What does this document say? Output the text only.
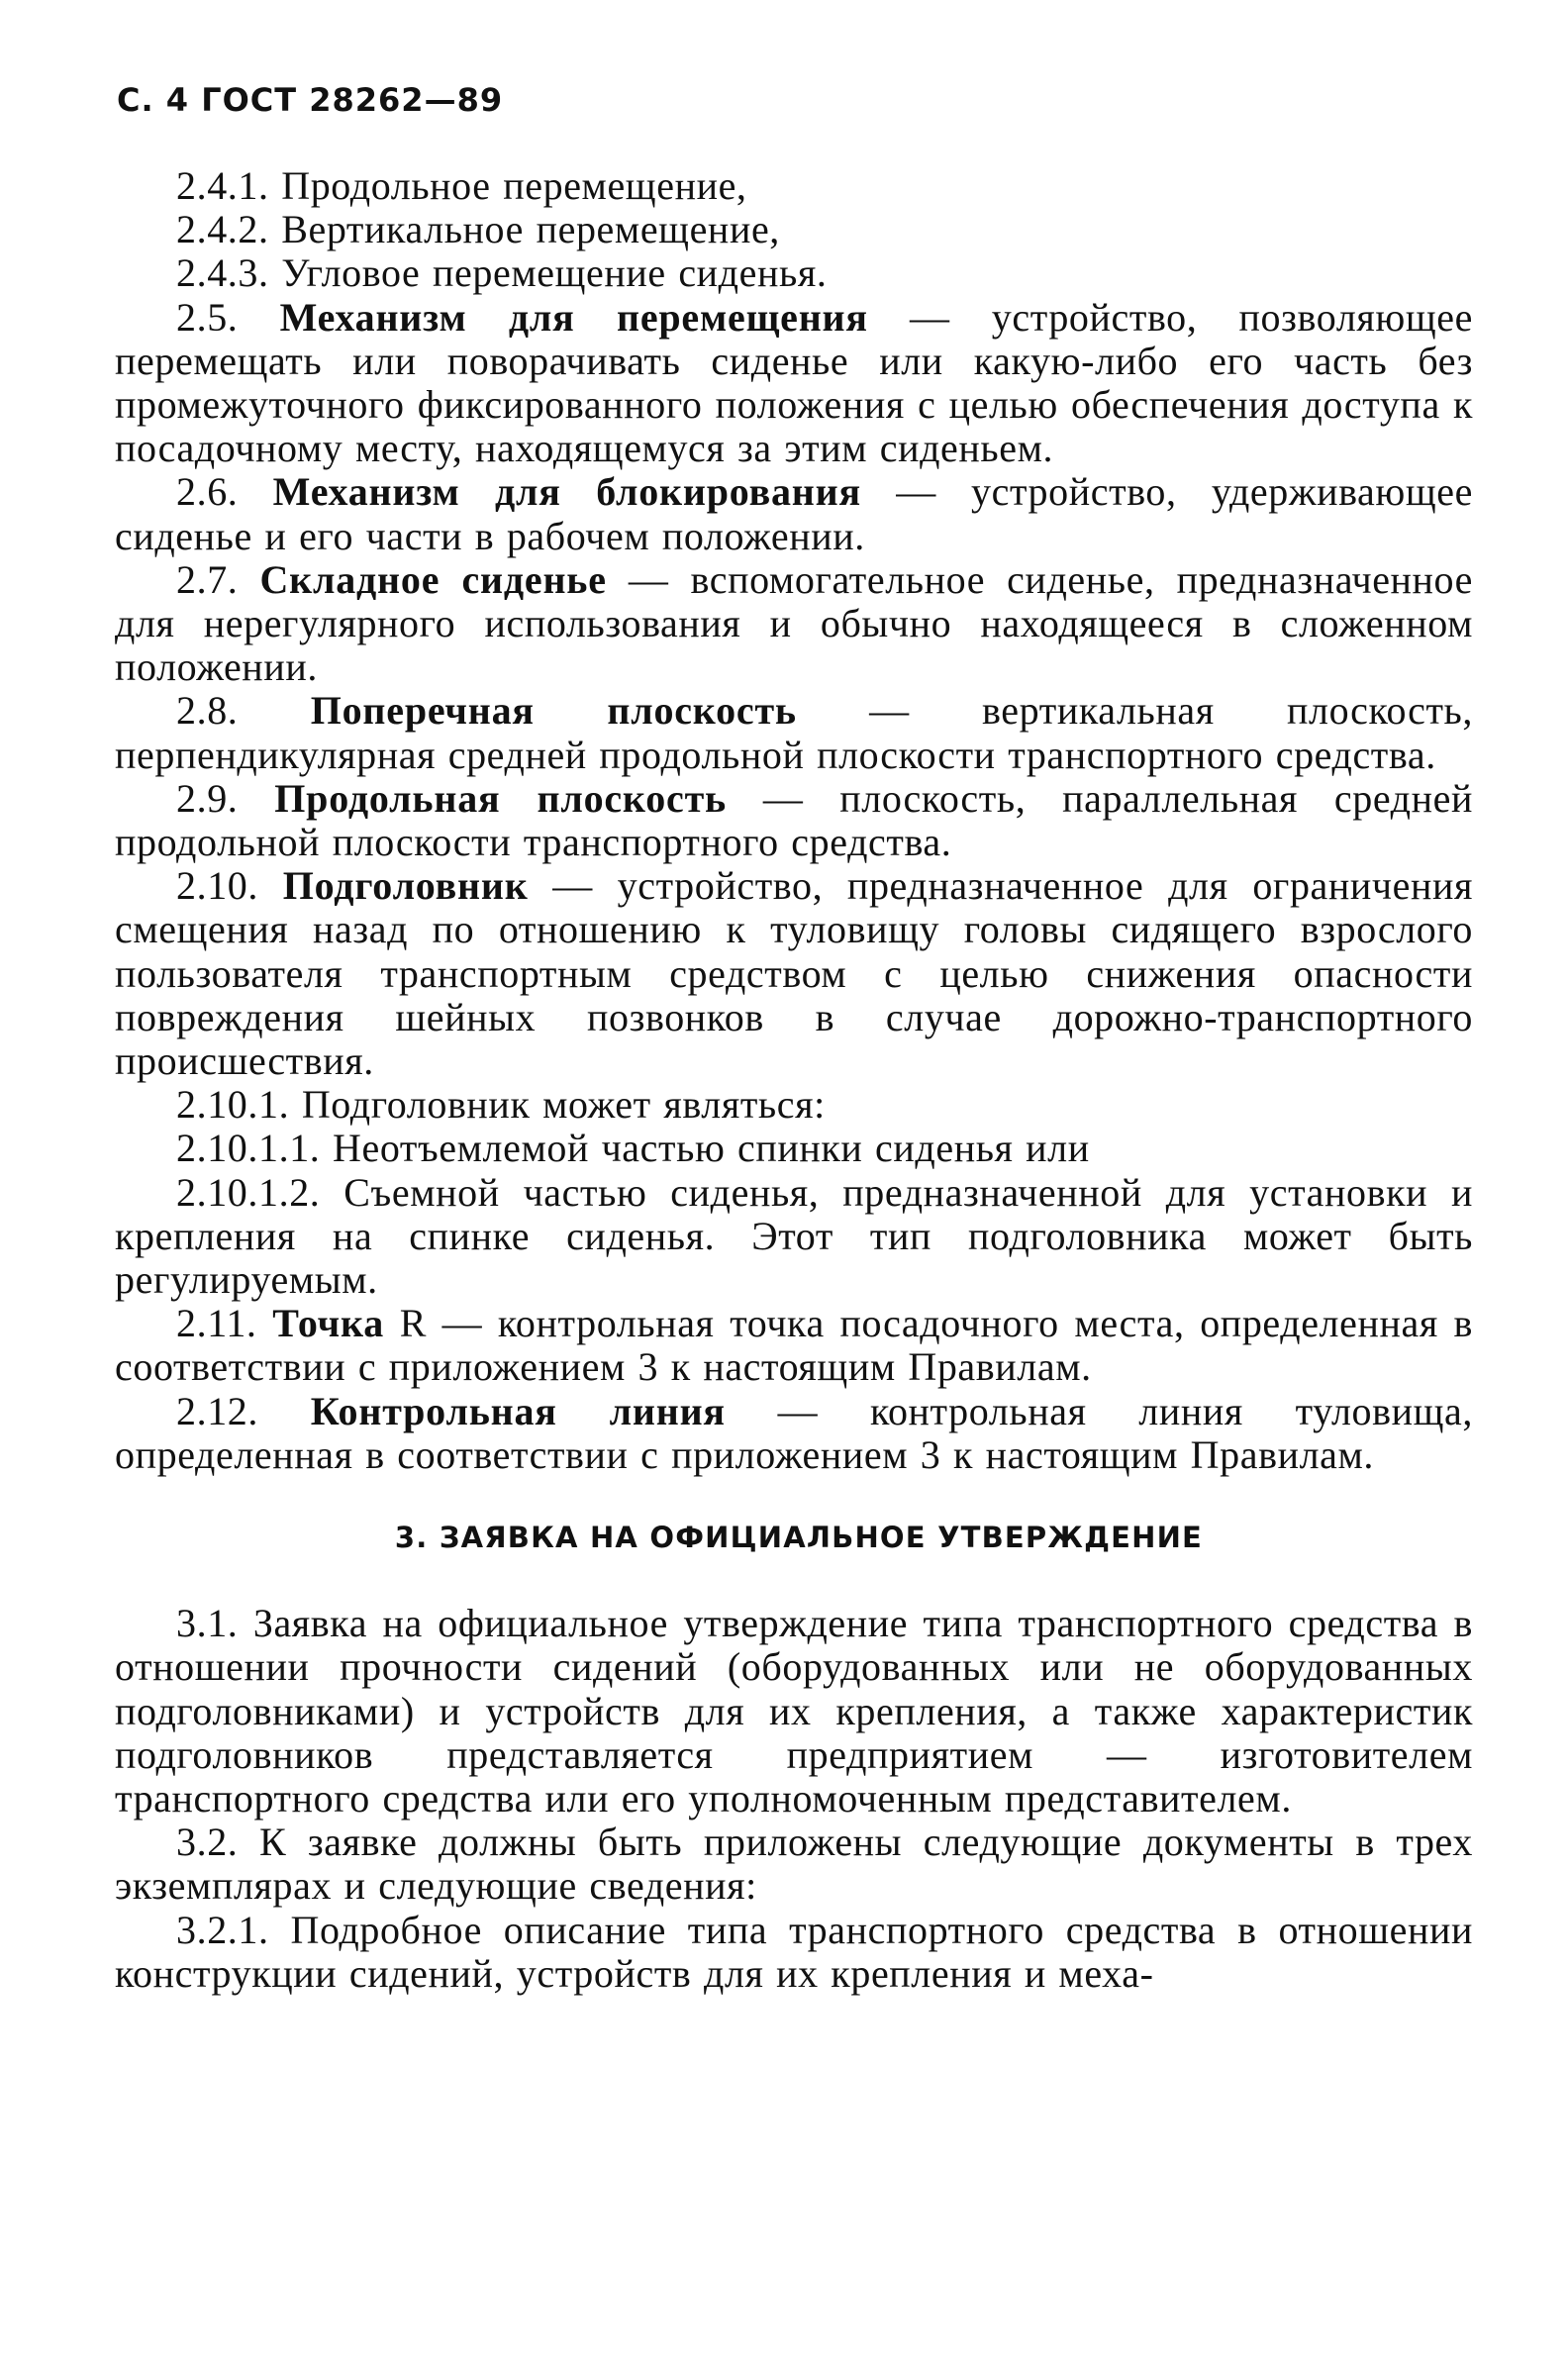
С. 4 ГОСТ 28262—89

2.4.1. Продольное перемещение,

2.4.2. Вертикальное перемещение,

2.4.3. Угловое перемещение сиденья.

2.5. Механизм для перемещения — устройство, позволяющее перемещать или поворачивать сиденье или какую-либо его часть без промежуточного фиксированного положения с целью обеспечения доступа к посадочному месту, находящемуся за этим сиденьем.

2.6. Механизм для блокирования — устройство, удерживающее сиденье и его части в рабочем положении.

2.7. Складное сиденье — вспомогательное сиденье, предназначенное для нерегулярного использования и обычно находящееся в сложенном положении.

2.8. Поперечная плоскость — вертикальная плоскость, перпендикулярная средней продольной плоскости транспортного средства.

2.9. Продольная плоскость — плоскость, параллельная средней продольной плоскости транспортного средства.

2.10. Подголовник — устройство, предназначенное для ограничения смещения назад по отношению к туловищу головы сидящего взрослого пользователя транспортным средством с целью снижения опасности повреждения шейных позвонков в случае дорожно-транспортного происшествия.

2.10.1. Подголовник может являться:

2.10.1.1. Неотъемлемой частью спинки сиденья или

2.10.1.2. Съемной частью сиденья, предназначенной для установки и крепления на спинке сиденья. Этот тип подголовника может быть регулируемым.

2.11. Точка R — контрольная точка посадочного места, определенная в соответствии с приложением 3 к настоящим Правилам.

2.12. Контрольная линия — контрольная линия туловища, определенная в соответствии с приложением 3 к настоящим Правилам.

3. ЗАЯВКА НА ОФИЦИАЛЬНОЕ УТВЕРЖДЕНИЕ

3.1. Заявка на официальное утверждение типа транспортного средства в отношении прочности сидений (оборудованных или не оборудованных подголовниками) и устройств для их крепления, а также характеристик подголовников представляется предприятием — изготовителем транспортного средства или его уполномоченным представителем.

3.2. К заявке должны быть приложены следующие документы в трех экземплярах и следующие сведения:

3.2.1. Подробное описание типа транспортного средства в отношении конструкции сидений, устройств для их крепления и меха-
